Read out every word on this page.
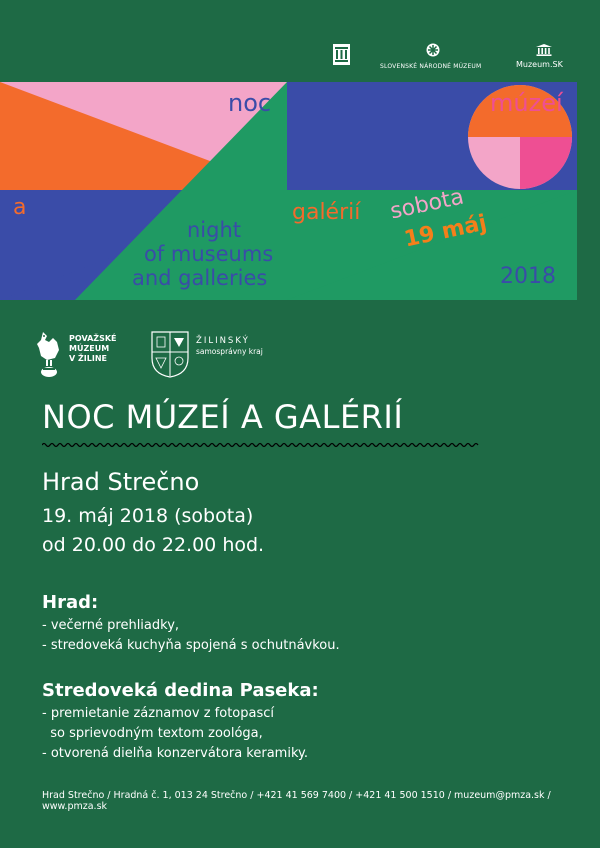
SLOVENSKÉ NÁRODNÉ MÚZEUM	Muzeum.SK
noc	múzeí
a
night
of museums
and galleries
galérií sobota
19 máj
2018
POVAŽSKÉ
MÚZEUM
V ŽILINE
ŽILINSKÝ
samosprávny kraj
NOC MÚZEÍ A GALÉRIÍ
Hrad Strečno
19. máj 2018 (sobota)
od 20.00 do 22.00 hod.
Hrad:
- večerné prehliadky,
- stredoveká kuchyňa spojená s ochutnávkou.
Stredoveká dedina Paseka:
- premietanie záznamov z fotopascí
so sprievodným textom zoológa,
- otvorená dielňa konzervátora keramiky.
Hrad Strečno / Hradná č. 1, 013 24 Strečno / +421 41 569 7400 / +421 41 500 1510 / muzeum@pmza.sk / www.pmza.sk
